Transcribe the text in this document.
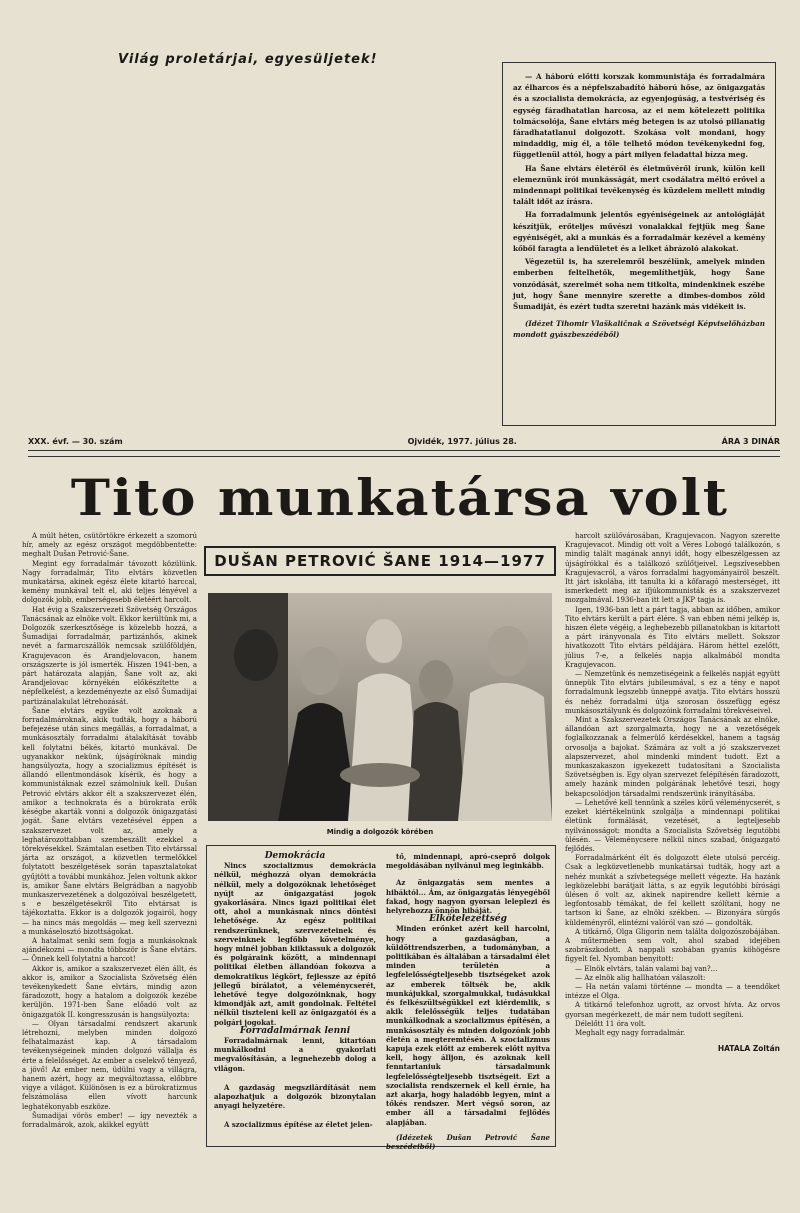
Világ proletárjai, egyesüljetek!

— A háború előtti korszak kommunistája és forradalmára az élharcos és a népfelszabadító háború hőse, az önigazgatás és a szocialista demokrácia, az egyenjogúság, a testvériség és egység fáradhatatlan harcosa, az ei nem kötelezett politika tolmácsolója, Šane elvtárs még betegen is az utolsó pillanatig fáradhatatlanul dolgozott. Szokása volt mondani, hogy mindaddig, míg él, a tőle telhető módon tevékenykedni fog, függetlenül attól, hogy a párt milyen feladattal bízza meg.

Ha Šane elvtárs életéről és életművéről írunk, külön kell elemeznünk írói munkásságát, mert csodálatra méltó erővel a mindennapi politikai tevékenység és küzdelem mellett mindig talált időt az írásra.

Ha forradalmunk jelentős egyéniségeinek az antológiáját készítjük, erőteljes művészi vonalakkal fejtjük meg Šane egyéniségét, aki a munkás és a forradalmár kezével a kemény kőből faragta a lendületet és a lelket ábrázoló alakokat.

Végezetül is, ha szerelemről beszélünk, amelyek minden emberben feltelhetők, megemlíthetjük, hogy Šane vonzódását, szerelmét soha nem titkolta, mindenkinek eszébe jut, hogy Šane mennyire szerette a dimbes-dombos zöld Šumadiját, és ezért tudta szeretni hazánk más vidékeit is.

(Idézet Tihomir Vlaškaličnak a Szövetségi Képviselőházban mondott gyászbeszédéből)

XXX. évf. — 30. szám	Ojvidék, 1977. július 28.	ÁRA 3 DINÁR
Tito munkatársa volt

A múlt héten, csütörtökre érkezett a szomorú hír, amely az egész országot megdöbbentette: meghalt Dušan Petrović-Šane.

Megint egy forradalmár távozott közülünk. Nagy forradalmár, Tito elvtárs közvetlen munkatársa, akinek egész élete kitartó harccal, kemény munkával telt el, aki teljes lényével a dolgozók jobb, emberségesebb életéért harcolt.

Hat évig a Szakszervezeti Szövetség Országos Tanácsának az elnöke volt. Ekkor kerültünk mi, a Dolgozók szerkesztősége is közelebb hozzá, a Šumadijai forradalmár, partizánhős, akinek nevét a farmarcszállók nemcsak szülőföldjén, Kragujevacon és Arandjelovacon, hanem országszerte is jól ismerték. Hiszen 1941-ben, a párt határozata alapján, Šane volt az, aki Arandjelovac környékén előkészítette a népfelkelést, a kezdeményezte az első Šumadijai partizánalakulat létrehozását.

Šane elvtárs egyike volt azoknak a forradalmároknak, akik tudták, hogy a háború befejezése után sincs megállás, a forradalmat, a munkásosztály forradalmi átalakítását tovább kell folytatni békés, kitartó munkával. De ugyanakkor nekünk, újságíróknak mindig hangsúlyozta, hogy a szocializmus építését is állandó ellentmondások kísérik, és hogy a kommunistáknak ezzel számolniuk kell. Dušan Petrović elvtárs akkor élt a szakszervezet élén, amikor a technokrata és a bürokrata erők késégbe akarták vonni a dolgozók önigazgatási jogát. Šane elvtárs vezetésével éppen a szakszervezet volt az, amely a leghatározottabban szembeszállt ezekkel a törekvésekkel. Számtalan esetben Tito elvtárssal járta az országot, a közvetlen termelőkkel folytatott beszélgetések során tapasztalatokat gyűjtött a további munkához. Jelen voltunk akkor is, amikor Šane elvtárs Belgrádban a nagyobb munkaszervezetének a dolgozóival beszélgetett, s e beszélgetésekről Tito elvtársat is tájékoztatta. Ekkor is a dolgozók jogairól, hogy — ha nincs más megoldás — meg kell szervezni a munkáselosztó bizottságokat.

A hatalmat senki sem fogja a munkásoknak ajándékozni — mondta többször is Šane elvtárs. — Önnek kell folytatni a harcot!

Akkor is, amikor a szakszervezet élén állt, és akkor is, amikor a Szocialista Szövetség élén tevékenykedett Šane elvtárs, mindig azon fáradozott, hogy a hatalom a dolgozók kezébe kerüljön. 1971-ben Šane előadó volt az önigazgatók II. kongresszusán is hangsúlyozta:

— Olyan társadalmi rendszert akarunk létrehozni, melyben minden dolgozó felhatalmazást kap. A társadalom tevékenységeinek minden dolgozó vállalja és érte a felelősséget. Az ember a cselekvő tényező, a jövő! Az ember nem, üdülni vagy a villágra, hanem azért, hogy az megváltoztassa, előbbre vigye a világot. Különösen is ez a bürokratizmus felszámolása ellen vívott harcunk leghatékonyabb eszköze.

Šumadijai vörös ember! — így nevezték a forradalmárok, azok, akikkel együtt

DUŠAN PETROVIĆ ŠANE 1914—1977
Mindig a dolgozók körében

Demokrácia

Nincs szocializmus demokrácia nélkül, méghozzá olyan demokrácia nélkül, mely a dolgozóknak lehetőséget nyújt az önigazgatási jogok gyakorlására. Nincs igazi politikai élet ott, ahol a munkásnak nincs döntési lehetősége. Az egész politikai rendszerünknek, szervezeteinek és szerveinknek legfőbb követelménye, hogy minél jobban kiiktassuk a dolgozók és polgáraink között, a mindennapi politikai életben állandóan fokozva a demokratikus légkört, fejlessze az építő jellegű bírálatot, a véleménycserét, lehetővé tegye dolgozóinknak, hogy kimondják azt, amit gondolnak. Feltétel nélkül tiszteleni kell az önigazgatói és a polgári jogokat.

Forradalmárnak lenni

Forradalmárnak lenni, kitartóan munkálkodni a gyakorlati megvalósításán, a legnehezebb dolog a világon.

A gazdaság megszilárdítását nem alapozhatjuk a dolgozók bizonytalan anyagi helyzetére.

A szocializmus építése az életet jelen-

tő, mindennapi, apró-cseprő dolgok megoldásában nyilvánul meg leginkább.

Az önigazgatás sem mentes a hibáktól... Ám, az önigazgatás lényegéből fakad, hogy nagyon gyorsan leleplezi és helyrehozza önnön hibáját.

Elkötelezettség

Minden erőnket azért kell harcolni, hogy a gazdaságban, a küldöttrendszerben, a tudományban, a politikában és általában a társadalmi élet minden területén a legfelelősségteljesebb tisztségeket azok az emberek töltsék be, akik munkájukkal, szorgalmukkal, tudásukkal és felkészültségükkel ezt kiérdemlik, s akik felelősségük teljes tudatában munkálkodnak a szocializmus építésén, a munkásosztály és minden dolgozónk jobb életén a megteremtésén. A szocializmus kapuja ezek előtt az emberek előtt nyitva kell, hogy álljon, és azoknak kell fenntartaniuk társadalmunk legfelelősségteljesebb tisztségeit. Ezt a szocialista rendszernek el kell érnie, ha azt akarja, hogy haladóbb legyen, mint a tőkés rendszer. Mert végső soron, az ember áll a társadalmi fejlődés alapjában.

(Idézetek Dušan Petrović Šane beszédeiből)

harcolt szülővárosában, Kragujevacon. Nagyon szerette Kragujevacot. Mindig ott volt a Véres Lobogó találkozón, s mindig talált magának annyi időt, hogy elbeszélgessen az újságírókkal és a találkozó szülőtjeivel. Legszívesebben Kragujevacról, a város forradalmi hagyományairól beszélt. Itt járt iskolába, itt tanulta ki a kőfaragó mesterséget, itt ismerkedett meg az ifjúkommunisták és a szakszervezet mozgalmával. 1936-ban itt lett a JKP tagja is.

Igen, 1936-ban lett a párt tagja, abban az időben, amikor Tito elvtárs került a párt élére. S van ebben némi jelkép is, hiszen élete végéig, a leghebezebb pillanatokban is kitartott a párt irányvonala és Tito elvtárs mellett. Sokszor hivatkozott Tito elvtárs példájára. Három héttel ezelőtt, július 7-e, a felkelés napja alkalmából mondta Kragujevacon.

— Nemzetünk és nemzetiségeink a felkelés napját együtt ünnepük Tito elvtárs jubileumával, s ez a tény e napot forradalmunk legszebb ünneppé avatja. Tito elvtárs hosszú és nehéz forradalmi útja szorosan összefügg egész munkásosztályunk és dolgozóink forradalmi törekvéseivel.

Mint a Szakszervezetek Országos Tanácsának az elnöke, állandóan azt szorgalmazta, hogy ne a vezetőségek foglalkozzanak a felmerülő kérdésekkel, hanem a tagság orvosolja a bajokat. Számára az volt a jó szakszervezet alapszervezet, ahol mindenki mindent tudott. Ezt a munkaszakaszon igyekezett tudatosítani a Szocialista Szövetségben is. Egy olyan szervezet felépítésén fáradozott, amely hazánk minden polgárának lehetővé teszi, hogy bekapcsolódjon társadalmi rendszerünk irányításába.

— Lehetővé kell tennünk a széles körű véleménycserét, s ezeket kiértékelnünk szolgálja a mindennapi politikai életünk formálását, vezetését, a legteljesebb nyilvánosságot: mondta a Szocialista Szövetség legutóbbi ülésén. — Véleménycsere nélkül nincs szabad, önigazgató fejlődés.

Forradalmárként élt és dolgozott élete utolsó percéig. Csak a legközvetlenebb munkatársai tudták, hogy azt a nehéz munkát a szívbetegsége mellett végezte. Ha hazánk legközelebbi barátjait látta, s az egyik legutóbbi bírósági ülésen ő volt az, akinek napirendre kellett kérnie a legfontosabb témákat, de fel kellett szólítani, hogy ne tartson ki Šane, az elnöki székben. — Bizonyára sürgős küldeményről, elintézni valóról van szó — gondolták.

A titkárnő, Olga Gligorin nem találta dolgozószobájában. A műtermében sem volt, ahol szabad idejében szobrászkodott. A nappali szobában gyanús köhögésre figyelt fel. Nyomban benyitott:

— Elnök elvtárs, talán valami baj van?...

— Az elnök alig hallhatóan válaszolt:

— Ha netán valami történne — mondta — a teendőket intézze el Olga.

A titkárnő telefonhoz ugrott, az orvost hívta. Az orvos gyorsan megérkezett, de már nem tudott segíteni.

Délelőtt 11 óra volt.

Meghalt egy nagy forradalmár.

HATALA Zoltán
